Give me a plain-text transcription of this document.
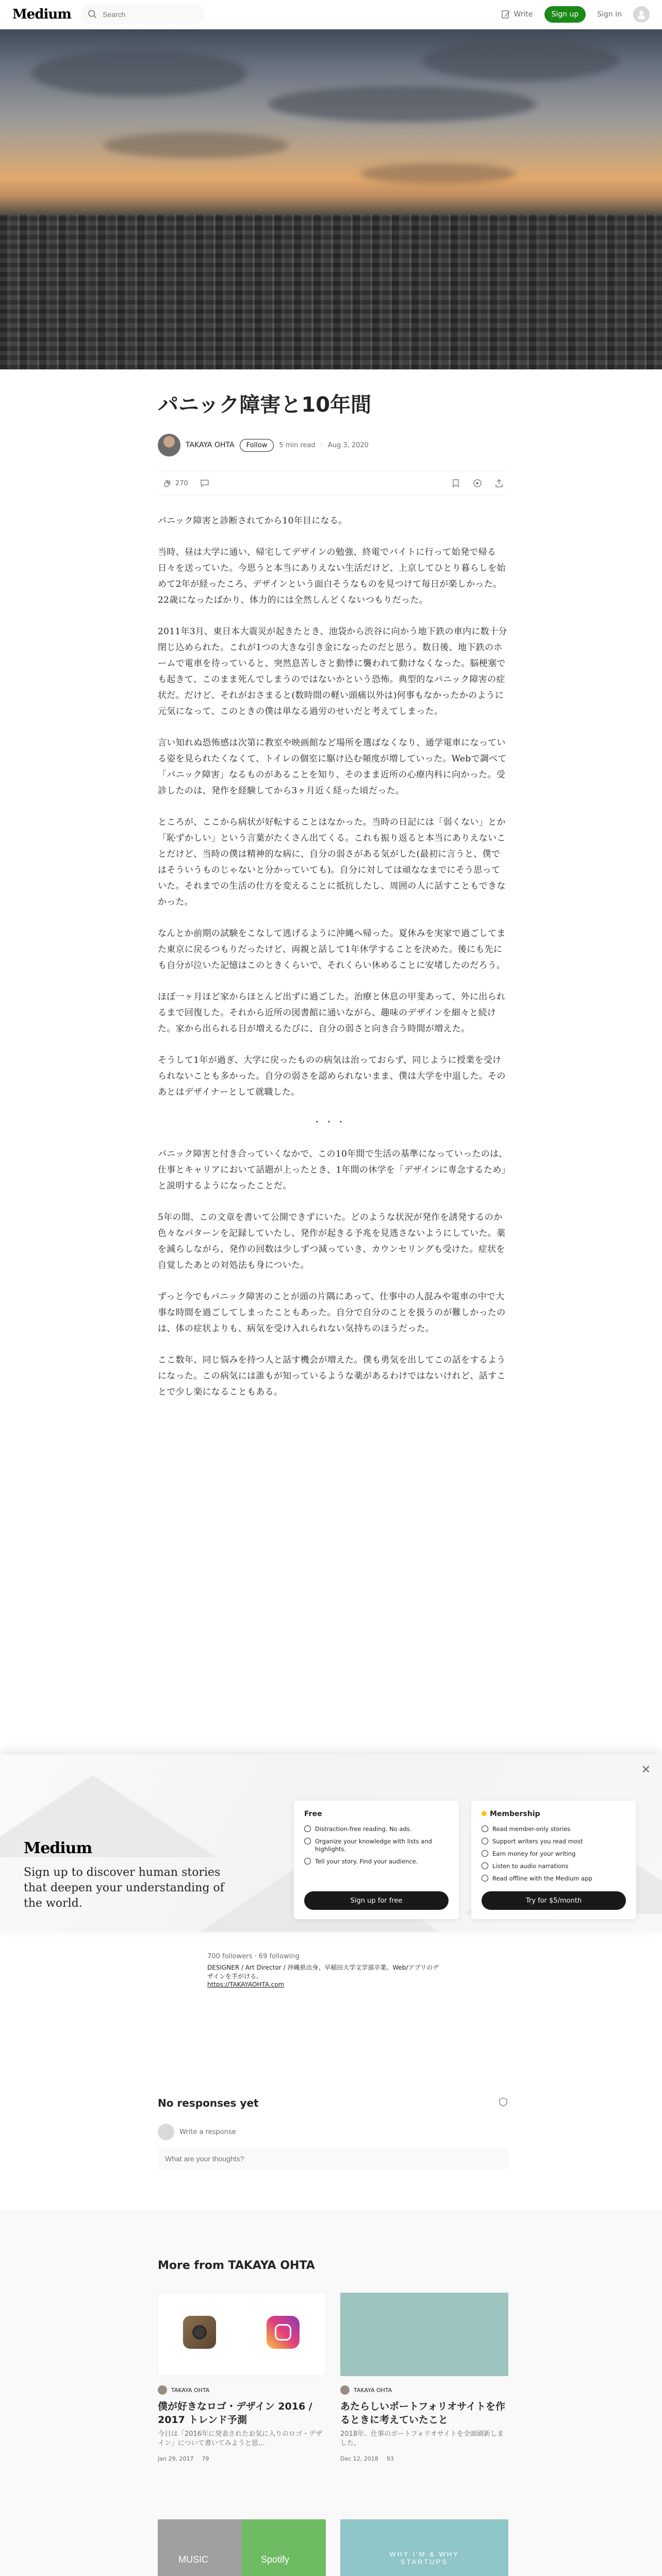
Medium
Search	Write	Sign up	Sign in
パニック障害と10年間
TAKAYA OHTA	Follow	5 min read · Aug 3, 2020
270

パニック障害と診断されてから10年目になる。

当時、昼は大学に通い、帰宅してデザインの勉強、終電でバイトに行って始発で帰る日々を送っていた。今思うと本当にありえない生活だけど、上京してひとり暮らしを始めて2年が経ったころ、デザインという面白そうなものを見つけて毎日が楽しかった。22歳になったばかり、体力的には全然しんどくないつもりだった。

2011年3月、東日本大震災が起きたとき、池袋から渋谷に向かう地下鉄の車内に数十分閉じ込められた。これが1つの大きな引き金になったのだと思う。数日後、地下鉄のホームで電車を待っていると、突然息苦しさと動悸に襲われて動けなくなった。脳梗塞でも起きて、このまま死んでしまうのではないかという恐怖。典型的なパニック障害の症状だ。だけど、それがおさまると(数時間の軽い頭痛以外は)何事もなかったかのように元気になって、このときの僕は単なる過労のせいだと考えてしまった。

言い知れぬ恐怖感は次第に教室や映画館など場所を選ばなくなり、通学電車になっている姿を見られたくなくて、トイレの個室に駆け込む頻度が増していった。Webで調べて「パニック障害」なるものがあることを知り、そのまま近所の心療内科に向かった。受診したのは、発作を経験してから3ヶ月近く経った頃だった。

ところが、ここから病状が好転することはなかった。当時の日記には「弱くない」とか「恥ずかしい」という言葉がたくさん出てくる。これも振り返ると本当にありえないことだけど、当時の僕は精神的な病に、自分の弱さがある気がした(最初に言うと、僕ではそういうものじゃないと分かっていても)。自分に対しては頑ななまでにそう思っていた。それまでの生活の仕方を変えることに抵抗したし、周囲の人に話すこともできなかった。

なんとか前期の試験をこなして逃げるように沖縄へ帰った。夏休みを実家で過ごしてまた東京に戻るつもりだったけど、両親と話して1年休学することを決めた。後にも先にも自分が泣いた記憶はこのときくらいで、それくらい休めることに安堵したのだろう。

ほぼ一ヶ月ほど家からほとんど出ずに過ごした。治療と休息の甲斐あって、外に出られるまで回復した。それから近所の図書館に通いながら、趣味のデザインを細々と続けた。家から出られる日が増えるたびに、自分の弱さと向き合う時間が増えた。

そうして1年が過ぎ、大学に戻ったものの病気は治っておらず、同じように授業を受けられないことも多かった。自分の弱さを認められないまま、僕は大学を中退した。そのあとはデザイナーとして就職した。

···

パニック障害と付き合っていくなかで、この10年間で生活の基準になっていったのは、仕事とキャリアにおいて話題が上ったとき、1年間の休学を「デザインに専念するため」と説明するようになったことだ。

5年の間、この文章を書いて公開できずにいた。どのような状況が発作を誘発するのか色々なパターンを記録していたし、発作が起きる予兆を見逃さないようにしていた。薬を減らしながら、発作の回数は少しずつ減っていき、カウンセリングも受けた。症状を自覚したあとの対処法も身についた。

ずっと今でもパニック障害のことが頭の片隅にあって、仕事中の人混みや電車の中で大事な時間を過ごしてしまったこともあった。自分で自分のことを扱うのが難しかったのは、体の症状よりも、病気を受け入れられない気持ちのほうだった。

ここ数年、同じ悩みを持つ人と話す機会が増えた。僕も勇気を出してこの話をするようになった。この病気には誰もが知っているような薬があるわけではないけれど、話すことで少し楽になることもある。

✕
Medium
Sign up to discover human stories that deepen your understanding of the world.
Free
Distraction-free reading. No ads.
Organize your knowledge with lists and highlights.
Tell your story. Find your audience.
Sign up for free
Membership
Read member-only stories
Support writers you read most
Earn money for your writing
Listen to audio narrations
Read offline with the Medium app
Try for $5/month
700 followers · 69 following
DESIGNER / Art Director / 沖縄県出身、早稲田大学文学部卒業。Web/アプリのデザインを手がける。
https://TAKAYAOHTA.com
No responses yet
Write a response
What are your thoughts?
More from TAKAYA OHTA
TAKAYA OHTA
僕が好きなロゴ・デザイン 2016 / 2017 トレンド予測
今日は「2016年に発表されたお気に入りのロゴ・デザイン」について書いてみようと思…
Jan 29, 2017 79
TAKAYA OHTA
あたらしいポートフォリオサイトを作るときに考えていたこと
2018年、仕事のポートフォリオサイトを全面刷新しました。
Dec 12, 2018 93
MUSIC	Spotify
WHY I'M & WHY STARTUPS
